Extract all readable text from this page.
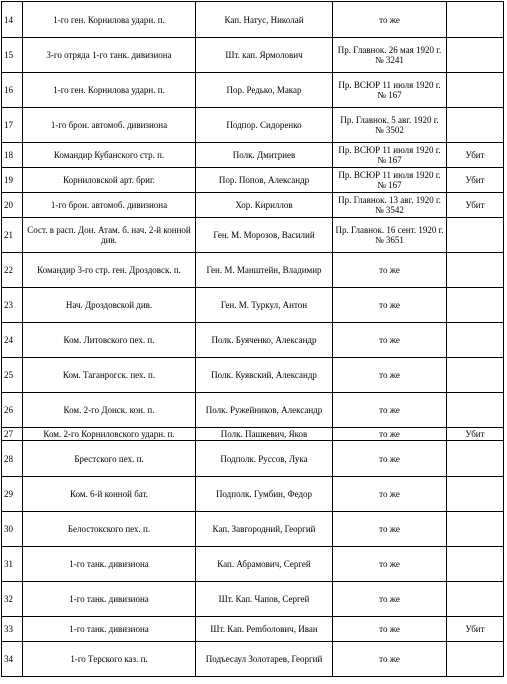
14	1-го ген. Корнилова ударн. п.	Кап. Натус, Николай	то же	
15	3-го отряда 1-го танк. дивизиона	Шт. кап. Ярмолович	Пр. Главнок. 26 мая 1920 г. № 3241	
16	1-го ген. Корнилова ударн. п.	Пор. Редько, Макар	Пр. ВСЮР 11 июля 1920 г. № 167	
17	1-го брон. автомоб. дивизиона	Подпор. Сидоренко	Пр. Главнок. 5 авг. 1920 г. № 3502	
18	Командир Кубанского стр. п.	Полк. Дмитриев	Пр. ВСЮР 11 июля 1920 г. № 167	Убит
19	Корниловской арт. бриг.	Пор. Попов, Александр	Пр. ВСЮР 11 июля 1920 г. № 167	Убит
20	1-го брон. автомоб. дивизиона	Хор. Кириллов	Пр. Главнок. 13 авг. 1920 г. № 3542	Убит
21	Сост. в расп. Дон. Атам. б. нач. 2-й конной див.	Ген. М. Морозов, Василий	Пр. Главнок. 16 сент. 1920 г. № 3651	
22	Командир 3-го стр. ген. Дроздовск. п.	Ген. М. Манштейн, Владимир	то же	
23	Нач. Дроздовской див.	Ген. М. Туркул, Антон	то же	
24	Ком. Литовского пех. п.	Полк. Буяченко, Александр	то же	
25	Ком. Таганрогск. пех. п.	Полк. Куявский, Александр	то же	
26	Ком. 2-го Донск. кон. п.	Полк. Ружейников, Александр	то же	
27	Ком. 2-го Корниловского ударн. п.	Полк. Пашкевич, Яков	то же	Убит
28	Брестского пех. п.	Подполк. Руссов, Лука	то же	
29	Ком. 6-й конной бат.	Подполк. Гумбин, Федор	то же	
30	Белостокского пех. п.	Кап. Завгородний, Георгий	то же	
31	1-го танк. дивизиона	Кап. Абрамович, Сергей	то же	
32	1-го танк. дивизиона	Шт. Кап. Чапов, Сергей	то же	
33	1-го танк. дивизиона	Шт. Кап. Реmболович, Иван	то же	Убит
34	1-го Терского каз. п.	Подъесаул Золотарев, Георгий	то же	
